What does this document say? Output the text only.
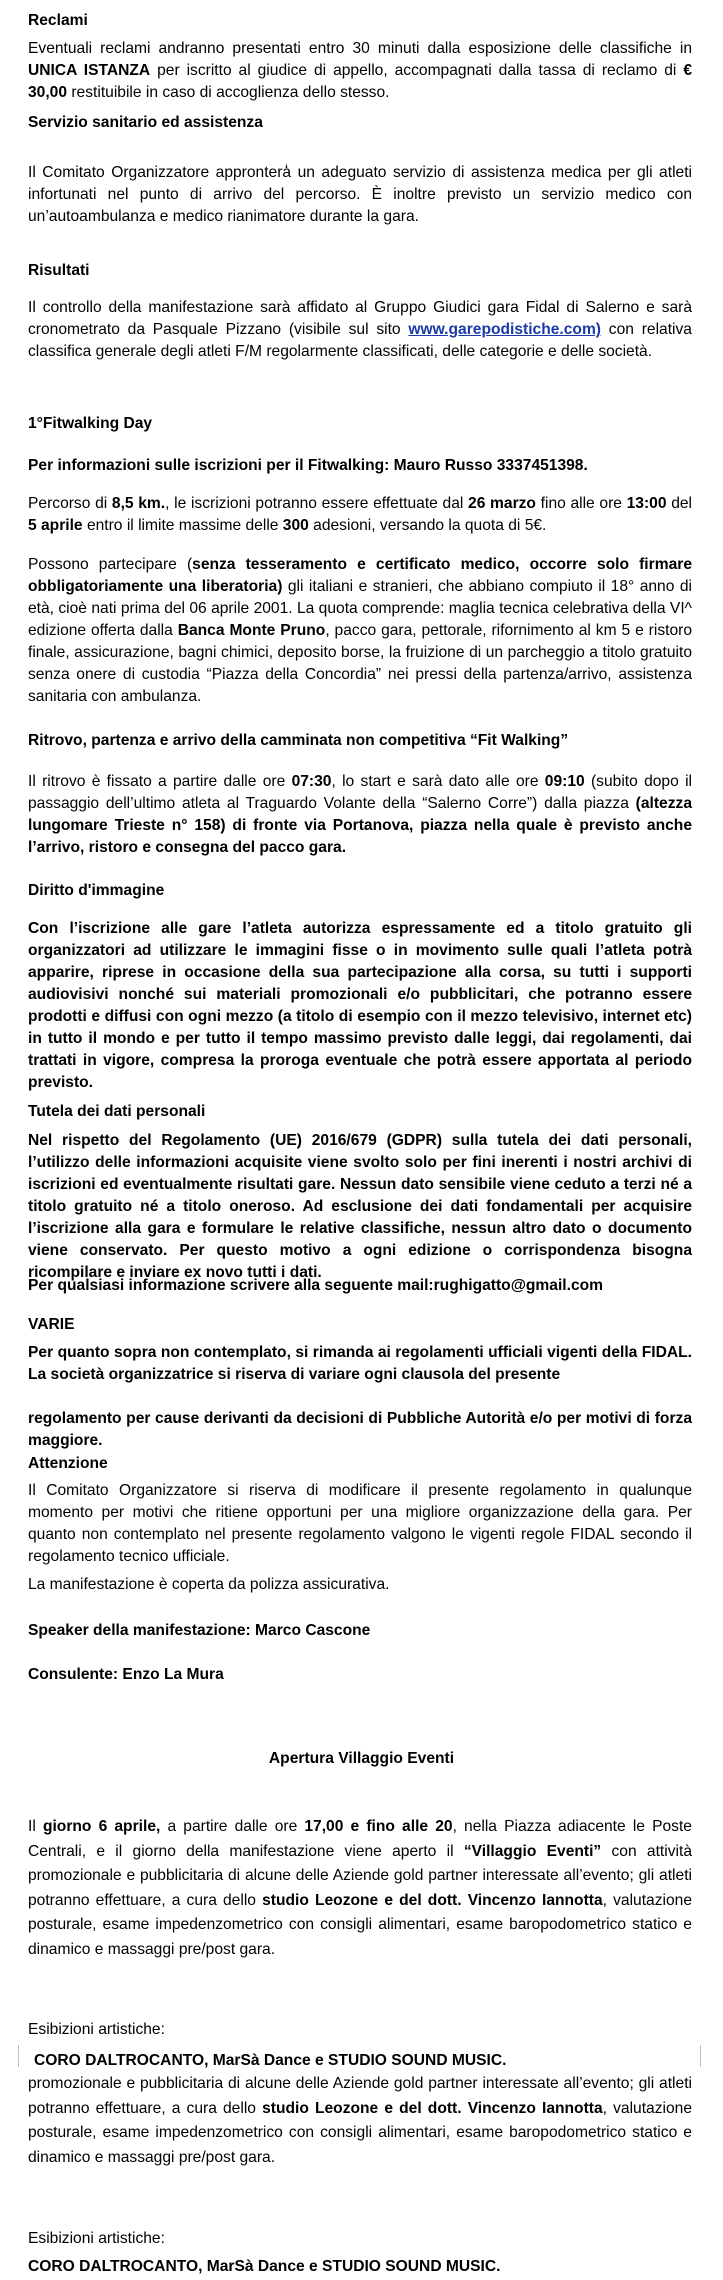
Reclami

Eventuali reclami andranno presentati entro 30 minuti dalla esposizione delle classifiche in UNICA ISTANZA per iscritto al giudice di appello, accompagnati dalla tassa di reclamo di € 30,00 restituibile in caso di accoglienza dello stesso.

Servizio sanitario ed assistenza

Il Comitato Organizzatore approntera̒ un adeguato servizio di assistenza medica per gli atleti infortunati nel punto di arrivo del percorso. È inoltre previsto un servizio medico con un’autoambulanza e medico rianimatore durante la gara.

Risultati

Il controllo della manifestazione sarà affidato al Gruppo Giudici gara Fidal di Salerno e sarà cronometrato da Pasquale Pizzano (visibile sul sito www.garepodistiche.com) con relativa classifica generale degli atleti F/M regolarmente classificati, delle categorie e delle società.

1°Fitwalking Day

Per informazioni sulle iscrizioni per il Fitwalking: Mauro Russo 3337451398.

Percorso di 8,5 km., le iscrizioni potranno essere effettuate dal 26 marzo fino alle ore 13:00 del 5 aprile entro il limite massime delle 300 adesioni, versando la quota di 5€.

Possono partecipare (senza tesseramento e certificato medico, occorre solo firmare obbligatoriamente una liberatoria) gli italiani e stranieri, che abbiano compiuto il 18° anno di età, cioè nati prima del 06 aprile 2001. La quota comprende: maglia tecnica celebrativa della VI^ edizione offerta dalla Banca Monte Pruno, pacco gara, pettorale, rifornimento al km 5 e ristoro finale, assicurazione, bagni chimici, deposito borse, la fruizione di un parcheggio a titolo gratuito senza onere di custodia “Piazza della Concordia” nei pressi della partenza/arrivo, assistenza sanitaria con ambulanza.

Ritrovo, partenza e arrivo della camminata non competitiva “Fit Walking”

Il ritrovo è fissato a partire dalle ore 07:30, lo start e sarà dato alle ore 09:10 (subito dopo il passaggio dell’ultimo atleta al Traguardo Volante della “Salerno Corre”) dalla piazza (altezza lungomare Trieste n° 158) di fronte via Portanova, piazza nella quale è previsto anche l’arrivo, ristoro e consegna del pacco gara.

Diritto d'immagine

Con l’iscrizione alle gare l’atleta autorizza espressamente ed a titolo gratuito gli organizzatori ad utilizzare le immagini fisse o in movimento sulle quali l’atleta potrà apparire, riprese in occasione della sua partecipazione alla corsa, su tutti i supporti audiovisivi nonché sui materiali promozionali e/o pubblicitari, che potranno essere prodotti e diffusi con ogni mezzo (a titolo di esempio con il mezzo televisivo, internet etc) in tutto il mondo e per tutto il tempo massimo previsto dalle leggi, dai regolamenti, dai trattati in vigore, compresa la proroga eventuale che potrà essere apportata al periodo previsto.

Tutela dei dati personali

Nel rispetto del Regolamento (UE) 2016/679 (GDPR) sulla tutela dei dati personali, l’utilizzo delle informazioni acquisite viene svolto solo per fini inerenti i nostri archivi di iscrizioni ed eventualmente risultati gare. Nessun dato sensibile viene ceduto a terzi né a titolo gratuito né a titolo oneroso. Ad esclusione dei dati fondamentali per acquisire l’iscrizione alla gara e formulare le relative classifiche, nessun altro dato o documento viene conservato. Per questo motivo a ogni edizione o corrispondenza bisogna ricompilare e inviare ex novo tutti i dati.

Per qualsiasi informazione scrivere alla seguente mail:rughigatto@gmail.com

VARIE

Per quanto sopra non contemplato, si rimanda ai regolamenti ufficiali vigenti della FIDAL. La società organizzatrice si riserva di variare ogni clausola del presente

regolamento per cause derivanti da decisioni di Pubbliche Autorità e/o per motivi di forza maggiore.

Attenzione

Il Comitato Organizzatore si riserva di modificare il presente regolamento in qualunque momento per motivi che ritiene opportuni per una migliore organizzazione della gara. Per quanto non contemplato nel presente regolamento valgono le vigenti regole FIDAL secondo il regolamento tecnico ufficiale.

La manifestazione è coperta da polizza assicurativa.

Speaker della manifestazione: Marco Cascone

Consulente: Enzo La Mura

Apertura Villaggio Eventi

Il giorno 6 aprile, a partire dalle ore 17,00 e fino alle 20, nella Piazza adiacente le Poste Centrali, e il giorno della manifestazione viene aperto il “Villaggio Eventi” con attività promozionale e pubblicitaria di alcune delle Aziende gold partner interessate all’evento; gli atleti potranno effettuare, a cura dello studio Leozone e del dott. Vincenzo Iannotta, valutazione posturale, esame impedenzometrico con consigli alimentari, esame baropodometrico statico e dinamico e massaggi pre/post gara.

Esibizioni artistiche:

CORO DALTROCANTO, MarSà Dance e STUDIO SOUND MUSIC.

promozionale e pubblicitaria di alcune delle Aziende gold partner interessate all’evento; gli atleti potranno effettuare, a cura dello studio Leozone e del dott. Vincenzo Iannotta, valutazione posturale, esame impedenzometrico con consigli alimentari, esame baropodometrico statico e dinamico e massaggi pre/post gara.

Esibizioni artistiche:

CORO DALTROCANTO, MarSà Dance e STUDIO SOUND MUSIC.
